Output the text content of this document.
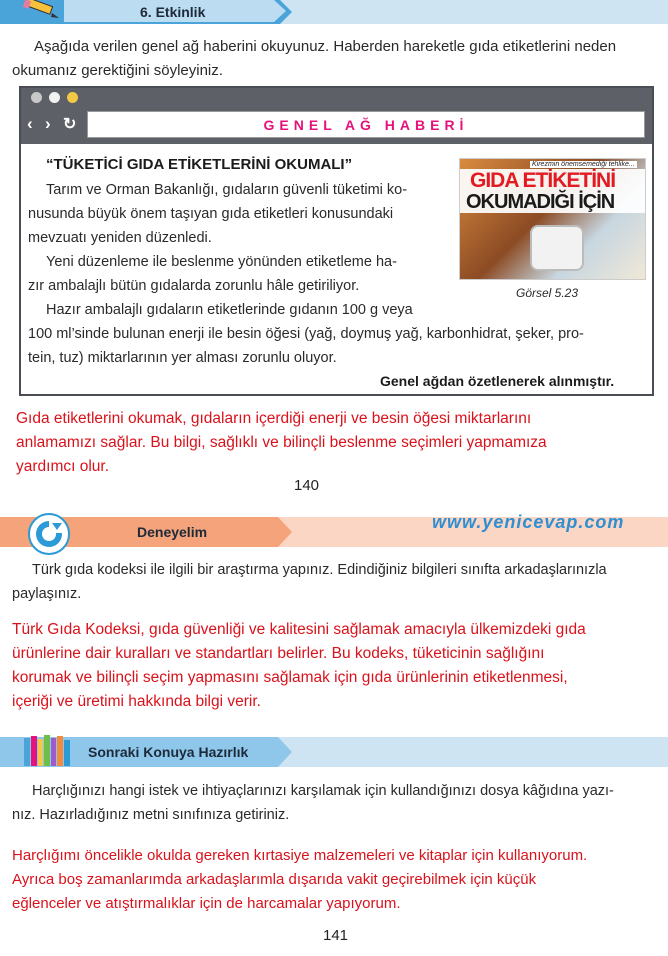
6. Etkinlik
Aşağıda verilen genel ağ haberini okuyunuz. Haberden hareketle gıda etiketlerini neden
okumanız gerektiğini söyleyiniz.
‹ › ↻	GENEL AĞ HABERİ
“TÜKETİCİ GIDA ETİKETLERİNİ OKUMALI”
Tarım ve Orman Bakanlığı, gıdaların güvenli tüketimi ko-
nusunda büyük önem taşıyan gıda etiketleri konusundaki
mevzuatı yeniden düzenledi.
Yeni düzenleme ile beslenme yönünden etiketleme ha-
zır ambalajlı bütün gıdalarda zorunlu hâle getiriliyor.
Hazır ambalajlı gıdaların etiketlerinde gıdanın 100 g veya
100 ml’sinde bulunan enerji ile besin öğesi (yağ, doymuş yağ, karbonhidrat, şeker, pro-
tein, tuz) miktarlarının yer alması zorunlu oluyor.
Genel ağdan özetlenerek alınmıştır.
Kirezmin önemsemediği tehlike...
GIDA ETİKETİNİ
OKUMADIĞI İÇİN
Görsel 5.23
Gıda etiketlerini okumak, gıdaların içerdiği enerji ve besin öğesi miktarlarını
anlamamızı sağlar. Bu bilgi, sağlıklı ve bilinçli beslenme seçimleri yapmamıza
yardımcı olur.
140
Deneyelim	www.yenicevap.com
Türk gıda kodeksi ile ilgili bir araştırma yapınız. Edindiğiniz bilgileri sınıfta arkadaşlarınızla
paylaşınız.
Türk Gıda Kodeksi, gıda güvenliği ve kalitesini sağlamak amacıyla ülkemizdeki gıda
ürünlerine dair kuralları ve standartları belirler. Bu kodeks, tüketicinin sağlığını
korumak ve bilinçli seçim yapmasını sağlamak için gıda ürünlerinin etiketlenmesi,
içeriği ve üretimi hakkında bilgi verir.
Sonraki Konuya Hazırlık
Harçlığınızı hangi istek ve ihtiyaçlarınızı karşılamak için kullandığınızı dosya kâğıdına yazı-
nız. Hazırladığınız metni sınıfınıza getiriniz.
Harçlığımı öncelikle okulda gereken kırtasiye malzemeleri ve kitaplar için kullanıyorum.
Ayrıca boş zamanlarımda arkadaşlarımla dışarıda vakit geçirebilmek için küçük
eğlenceler ve atıştırmalıklar için de harcamalar yapıyorum.
141
